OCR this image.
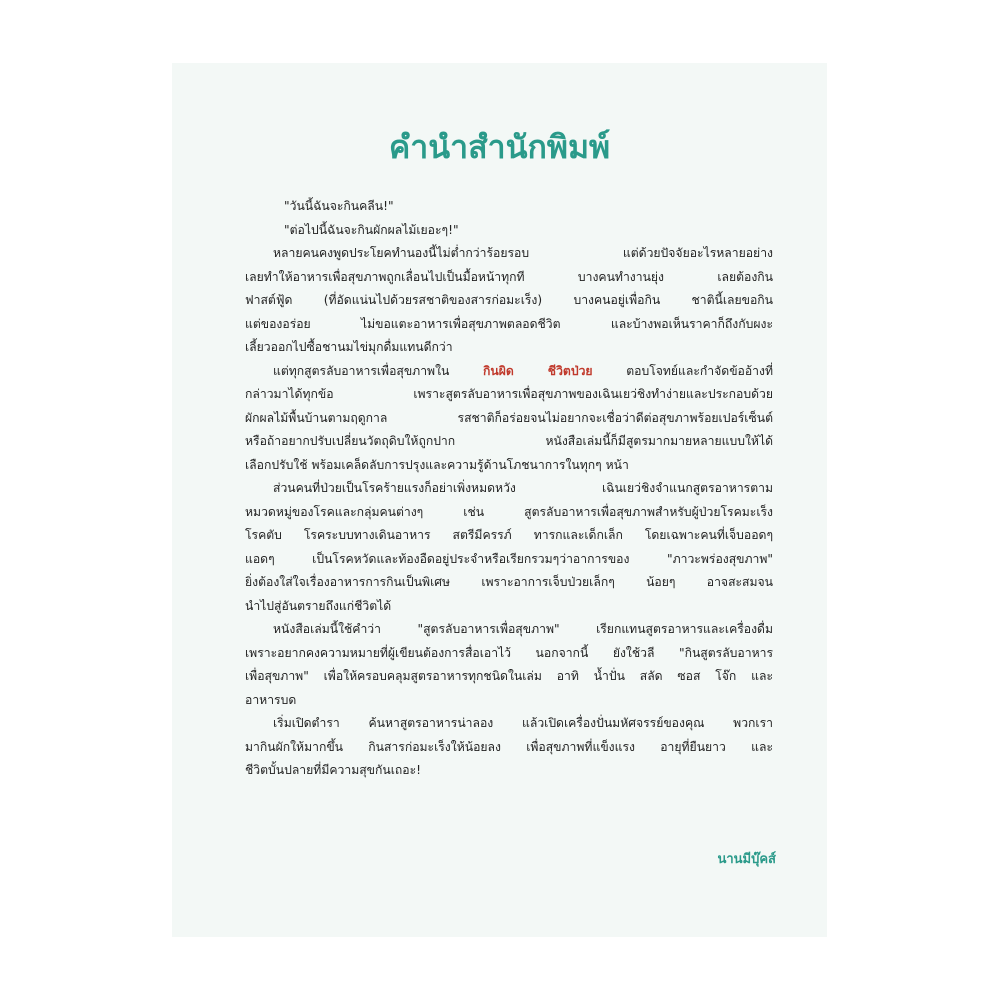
คำนำสำนักพิมพ์
"วันนี้ฉันจะกินคลีน!"
"ต่อไปนี้ฉันจะกินผักผลไม้เยอะๆ!"
หลายคนคงพูดประโยคทำนองนี้ไม่ต่ำกว่าร้อยรอบ แต่ด้วยปัจจัยอะไรหลายอย่าง
เลยทำให้อาหารเพื่อสุขภาพถูกเลื่อนไปเป็นมื้อหน้าทุกที บางคนทำงานยุ่ง เลยต้องกิน
ฟาสต์ฟู้ด (ที่อัดแน่นไปด้วยรสชาติของสารก่อมะเร็ง) บางคนอยู่เพื่อกิน ชาตินี้เลยขอกิน
แต่ของอร่อย ไม่ขอแตะอาหารเพื่อสุขภาพตลอดชีวิต และบ้างพอเห็นราคาก็ถึงกับผงะ
เลี้ยวออกไปซื้อชานมไข่มุกดื่มแทนดีกว่า
แต่ทุกสูตรลับอาหารเพื่อสุขภาพใน	กินผิด ชีวิตป่วย	ตอบโจทย์และกำจัดข้ออ้างที่
กล่าวมาได้ทุกข้อ เพราะสูตรลับอาหารเพื่อสุขภาพของเฉินเยว่ชิงทำง่ายและประกอบด้วย
ผักผลไม้พื้นบ้านตามฤดูกาล รสชาติก็อร่อยจนไม่อยากจะเชื่อว่าดีต่อสุขภาพร้อยเปอร์เซ็นต์
หรือถ้าอยากปรับเปลี่ยนวัตถุดิบให้ถูกปาก หนังสือเล่มนี้ก็มีสูตรมากมายหลายแบบให้ได้
เลือกปรับใช้ พร้อมเคล็ดลับการปรุงและความรู้ด้านโภชนาการในทุกๆ หน้า
ส่วนคนที่ป่วยเป็นโรคร้ายแรงก็อย่าเพิ่งหมดหวัง เฉินเยว่ชิงจำแนกสูตรอาหารตาม
หมวดหมู่ของโรคและกลุ่มคนต่างๆ เช่น สูตรลับอาหารเพื่อสุขภาพสำหรับผู้ป่วยโรคมะเร็ง
โรคตับ โรคระบบทางเดินอาหาร สตรีมีครรภ์ ทารกและเด็กเล็ก โดยเฉพาะคนที่เจ็บออดๆ
แอดๆ เป็นโรคหวัดและท้องอืดอยู่ประจำหรือเรียกรวมๆว่าอาการของ "ภาวะพร่องสุขภาพ"
ยิ่งต้องใส่ใจเรื่องอาหารการกินเป็นพิเศษ เพราะอาการเจ็บป่วยเล็กๆ น้อยๆ อาจสะสมจน
นำไปสู่อันตรายถึงแก่ชีวิตได้
หนังสือเล่มนี้ใช้คำว่า "สูตรลับอาหารเพื่อสุขภาพ" เรียกแทนสูตรอาหารและเครื่องดื่ม
เพราะอยากคงความหมายที่ผู้เขียนต้องการสื่อเอาไว้ นอกจากนี้ ยังใช้วลี "กินสูตรลับอาหาร
เพื่อสุขภาพ" เพื่อให้ครอบคลุมสูตรอาหารทุกชนิดในเล่ม อาทิ น้ำปั่น สลัด ซอส โจ๊ก และ
อาหารบด
เริ่มเปิดตำรา ค้นหาสูตรอาหารน่าลอง แล้วเปิดเครื่องปั่นมหัศจรรย์ของคุณ พวกเรา
มากินผักให้มากขึ้น กินสารก่อมะเร็งให้น้อยลง เพื่อสุขภาพที่แข็งแรง อายุที่ยืนยาว และ
ชีวิตบั้นปลายที่มีความสุขกันเถอะ!
นานมีบุ๊คส์
